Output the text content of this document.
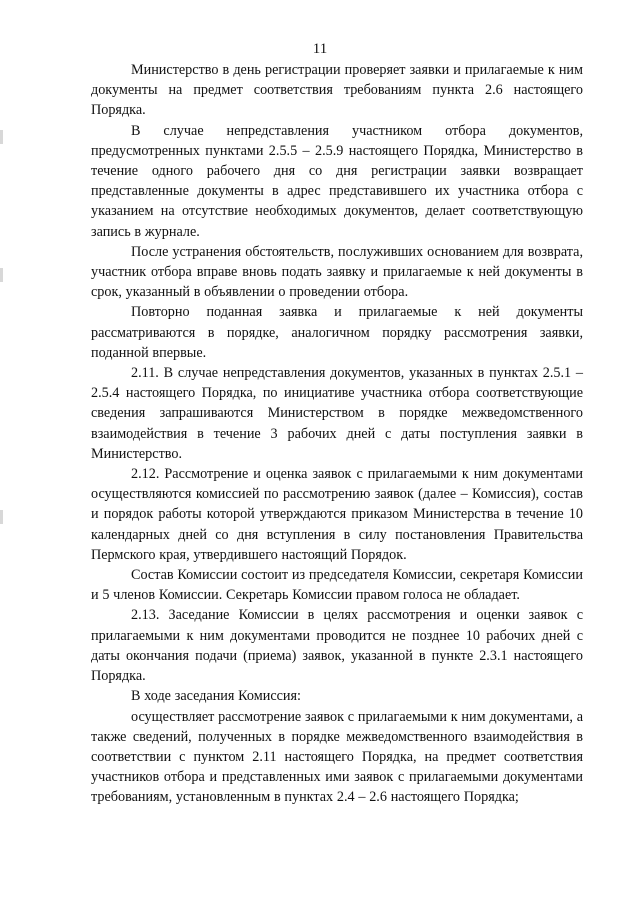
11

Министерство в день регистрации проверяет заявки и прилагаемые к ним документы на предмет соответствия требованиям пункта 2.6 настоящего Порядка.

В случае непредставления участником отбора документов, предусмотренных пунктами 2.5.5 – 2.5.9 настоящего Порядка, Министерство в течение одного рабочего дня со дня регистрации заявки возвращает представленные документы в адрес представившего их участника отбора с указанием на отсутствие необходимых документов, делает соответствующую запись в журнале.

После устранения обстоятельств, послуживших основанием для возврата, участник отбора вправе вновь подать заявку и прилагаемые к ней документы в срок, указанный в объявлении о проведении отбора.

Повторно поданная заявка и прилагаемые к ней документы рассматриваются в порядке, аналогичном порядку рассмотрения заявки, поданной впервые.

2.11. В случае непредставления документов, указанных в пунктах 2.5.1 – 2.5.4 настоящего Порядка, по инициативе участника отбора соответствующие сведения запрашиваются Министерством в порядке межведомственного взаимодействия в течение 3 рабочих дней с даты поступления заявки в Министерство.

2.12. Рассмотрение и оценка заявок с прилагаемыми к ним документами осуществляются комиссией по рассмотрению заявок (далее – Комиссия), состав и порядок работы которой утверждаются приказом Министерства в течение 10 календарных дней со дня вступления в силу постановления Правительства Пермского края, утвердившего настоящий Порядок.

Состав Комиссии состоит из председателя Комиссии, секретаря Комиссии и 5 членов Комиссии. Секретарь Комиссии правом голоса не обладает.

2.13. Заседание Комиссии в целях рассмотрения и оценки заявок с прилагаемыми к ним документами проводится не позднее 10 рабочих дней с даты окончания подачи (приема) заявок, указанной в пункте 2.3.1 настоящего Порядка.

В ходе заседания Комиссия:

осуществляет рассмотрение заявок с прилагаемыми к ним документами, а также сведений, полученных в порядке межведомственного взаимодействия в соответствии с пунктом 2.11 настоящего Порядка, на предмет соответствия участников отбора и представленных ими заявок с прилагаемыми документами требованиям, установленным в пунктах 2.4 – 2.6 настоящего Порядка;
